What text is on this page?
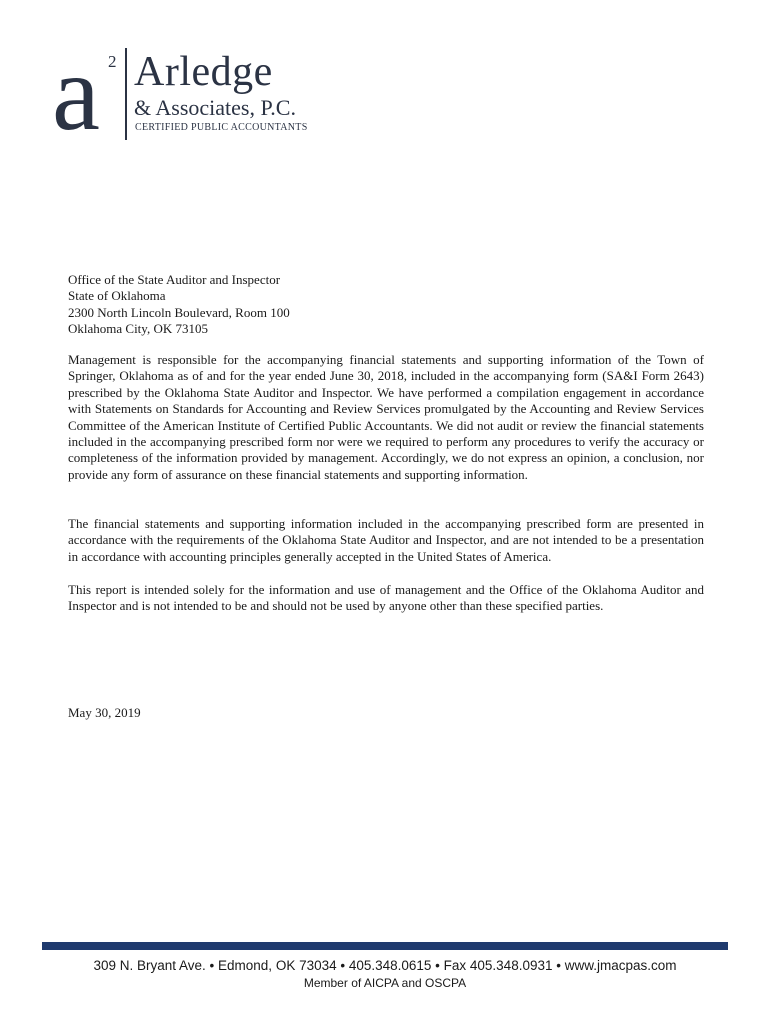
a 2 Arledge
& Associates, P.C.
CERTIFIED PUBLIC ACCOUNTANTS
Office of the State Auditor and Inspector
State of Oklahoma
2300 North Lincoln Boulevard, Room 100
Oklahoma City, OK 73105
Management is responsible for the accompanying financial statements and supporting information of the Town of Springer, Oklahoma as of and for the year ended June 30, 2018, included in the accompanying form (SA&I Form 2643) prescribed by the Oklahoma State Auditor and Inspector. We have performed a compilation engagement in accordance with Statements on Standards for Accounting and Review Services promulgated by the Accounting and Review Services Committee of the American Institute of Certified Public Accountants. We did not audit or review the financial statements included in the accompanying prescribed form nor were we required to perform any procedures to verify the accuracy or completeness of the information provided by management. Accordingly, we do not express an opinion, a conclusion, nor provide any form of assurance on these financial statements and supporting information.
The financial statements and supporting information included in the accompanying prescribed form are presented in accordance with the requirements of the Oklahoma State Auditor and Inspector, and are not intended to be a presentation in accordance with accounting principles generally accepted in the United States of America.
This report is intended solely for the information and use of management and the Office of the Oklahoma Auditor and Inspector and is not intended to be and should not be used by anyone other than these specified parties.
May 30, 2019
309 N. Bryant Ave. • Edmond, OK 73034 • 405.348.0615 • Fax 405.348.0931 • www.jmacpas.com
Member of AICPA and OSCPA
